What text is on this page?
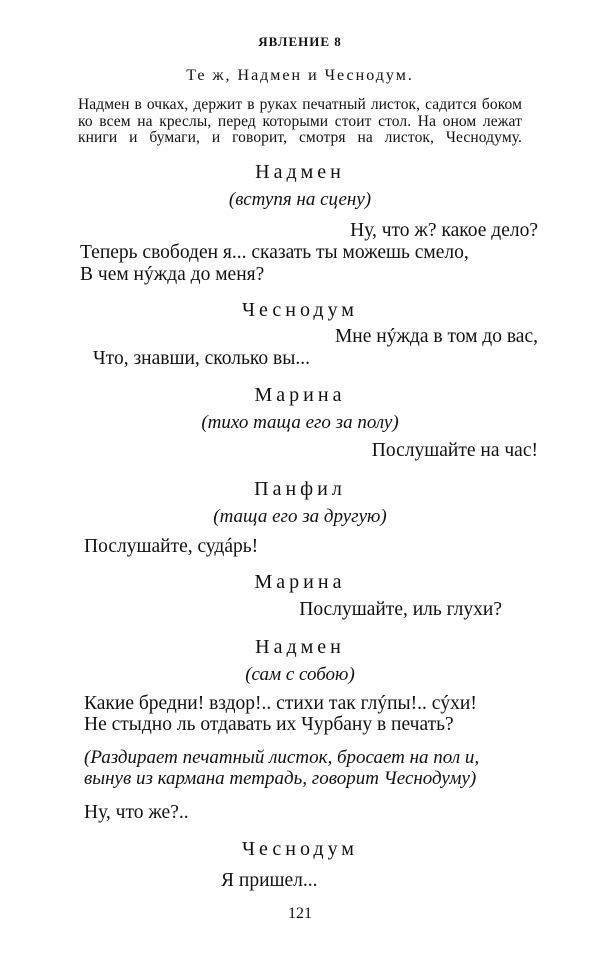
ЯВЛЕНИЕ 8
Те ж, Надмен и Чеснодум.
Надмен в очках, держит в руках печатный листок, садится боком
ко всем на креслы, перед которыми стоит стол. На оном лежат
книги и бумаги, и говорит, смотря на листок, Чеснодуму.
Надмен
(вступя на сцену)
Ну, что ж? какое дело?
Теперь свободен я... сказать ты можешь смело,
В чем нýжда до меня?
Чеснодум
Мне нýжда в том до вас,
Что, знавши, сколько вы...
Марина
(тихо таща его за полу)
Послушайте на час!
Панфил
(таща его за другую)
Послушайте, судáрь!
Марина
Послушайте, иль глухи?
Надмен
(сам с собою)
Какие бредни! вздор!.. стихи так глýпы!.. сýхи!
Не стыдно ль отдавать их Чурбану в печать?
(Раздирает печатный листок, бросает на пол и,
вынув из кармана тетрадь, говорит Чеснодуму)
Ну, что же?..
Чеснодум
Я пришел...
121
